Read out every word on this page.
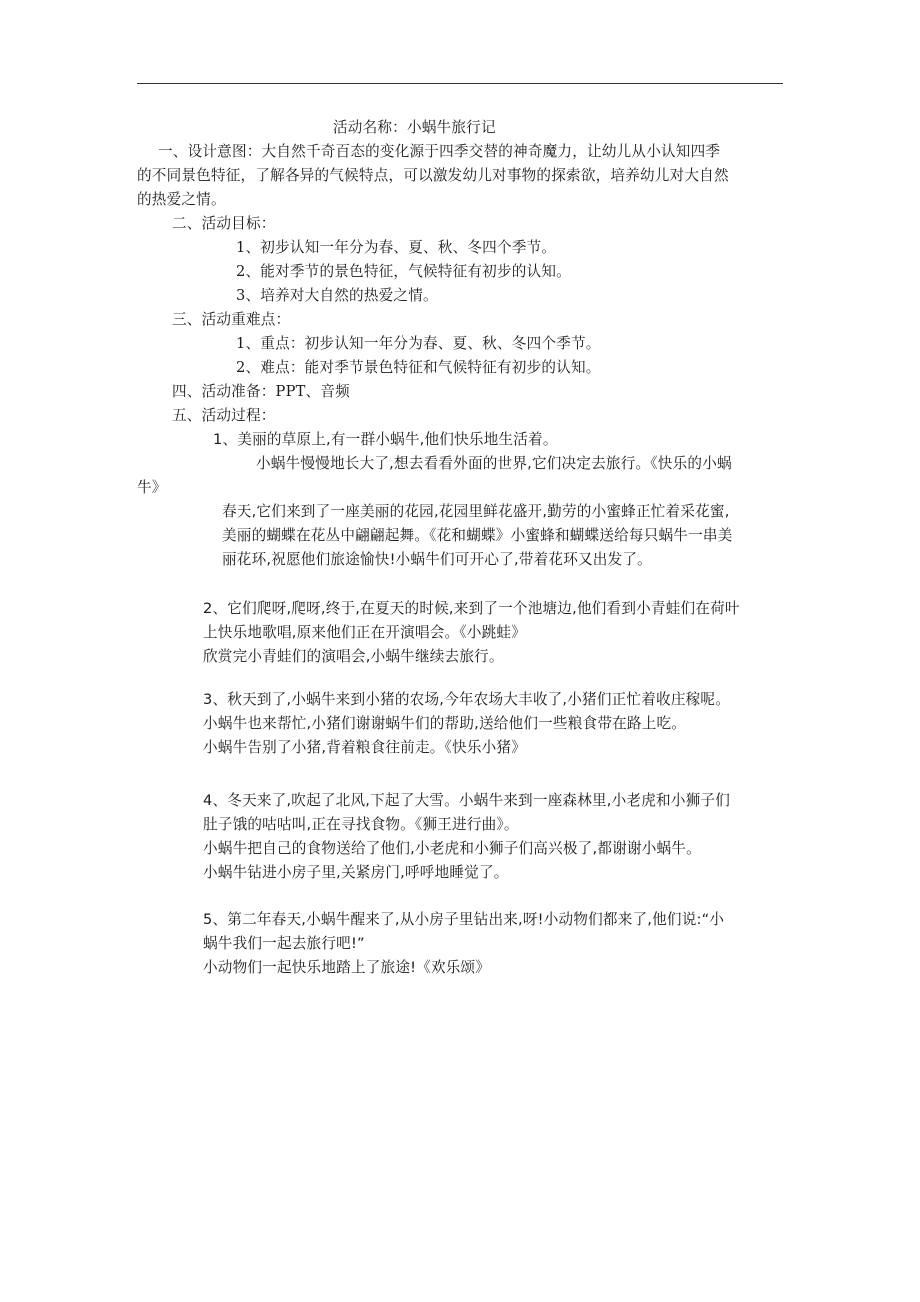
活动名称：小蜗牛旅行记
一、设计意图：大自然千奇百态的变化源于四季交替的神奇魔力，让幼儿从小认知四季
的不同景色特征，了解各异的气候特点，可以激发幼儿对事物的探索欲，培养幼儿对大自然
的热爱之情。
二、活动目标：
1、初步认知一年分为春、夏、秋、冬四个季节。
2、能对季节的景色特征，气候特征有初步的认知。
3、培养对大自然的热爱之情。
三、活动重难点：
1、重点：初步认知一年分为春、夏、秋、冬四个季节。
2、难点：能对季节景色特征和气候特征有初步的认知。
四、活动准备：PPT、音频
五、活动过程：
1、美丽的草原上,有一群小蜗牛,他们快乐地生活着。
小蜗牛慢慢地长大了,想去看看外面的世界,它们决定去旅行。《快乐的小蜗
牛》
春天,它们来到了一座美丽的花园,花园里鲜花盛开,勤劳的小蜜蜂正忙着采花蜜,
美丽的蝴蝶在花丛中翩翩起舞。《花和蝴蝶》小蜜蜂和蝴蝶送给每只蜗牛一串美
丽花环,祝愿他们旅途愉快!小蜗牛们可开心了,带着花环又出发了。
2、它们爬呀,爬呀,终于,在夏天的时候,来到了一个池塘边,他们看到小青蛙们在荷叶
上快乐地歌唱,原来他们正在开演唱会。《小跳蛙》
欣赏完小青蛙们的演唱会,小蜗牛继续去旅行。
3、秋天到了,小蜗牛来到小猪的农场,今年农场大丰收了,小猪们正忙着收庄稼呢。
小蜗牛也来帮忙,小猪们谢谢蜗牛们的帮助,送给他们一些粮食带在路上吃。
小蜗牛告别了小猪,背着粮食往前走。《快乐小猪》
4、冬天来了,吹起了北风,下起了大雪。小蜗牛来到一座森林里,小老虎和小狮子们
肚子饿的咕咕叫,正在寻找食物。《狮王进行曲》。
小蜗牛把自己的食物送给了他们,小老虎和小狮子们高兴极了,都谢谢小蜗牛。
小蜗牛钻进小房子里,关紧房门,呼呼地睡觉了。
5、第二年春天,小蜗牛醒来了,从小房子里钻出来,呀!小动物们都来了,他们说:“小
蜗牛我们一起去旅行吧!”
小动物们一起快乐地踏上了旅途!《欢乐颂》
